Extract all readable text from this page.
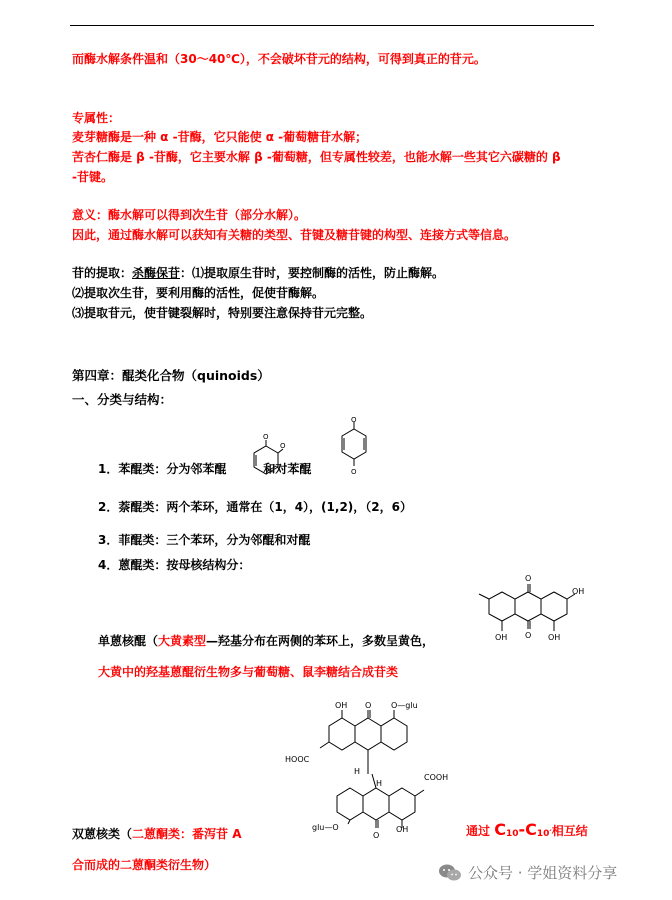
而酶水解条件温和（30～40℃），不会破坏苷元的结构，可得到真正的苷元。
专属性：
麦芽糖酶是一种 α -苷酶，它只能使 α -葡萄糖苷水解；
苦杏仁酶是 β -苷酶，它主要水解 β -葡萄糖，但专属性较差，也能水解一些其它六碳糖的 β
-苷键。
意义：酶水解可以得到次生苷（部分水解）。
因此，通过酶水解可以获知有关糖的类型、苷键及糖苷键的构型、连接方式等信息。
苷的提取：杀酶保苷：⑴提取原生苷时，要控制酶的活性，防止酶解。
⑵提取次生苷，要利用酶的活性，促使苷酶解。
⑶提取苷元，使苷键裂解时，特别要注意保持苷元完整。
第四章：醌类化合物（quinoids）
一、分类与结构：
O
O
O
O
1．苯醌类：分为邻苯醌	和对苯醌
2．萘醌类：两个苯环，通常在（1，4），(1,2)，（2，6）
3．菲醌类：三个苯环，分为邻醌和对醌
4．蒽醌类：按母核结构分：
O
O
OH
OH	OH
单蒽核醌（大黄素型—羟基分布在两侧的苯环上，多数呈黄色，
大黄中的羟基蒽醌衍生物多与葡萄糖、鼠李糖结合成苷类
OH O O—glu
HOOC
H
H
COOH
glu—O
O
OH
双蒽核类（二蒽酮类：番泻苷 A	通过 C10-C10′相互结
合而成的二蒽酮类衍生物）	公众号 · 学姐资料分享
